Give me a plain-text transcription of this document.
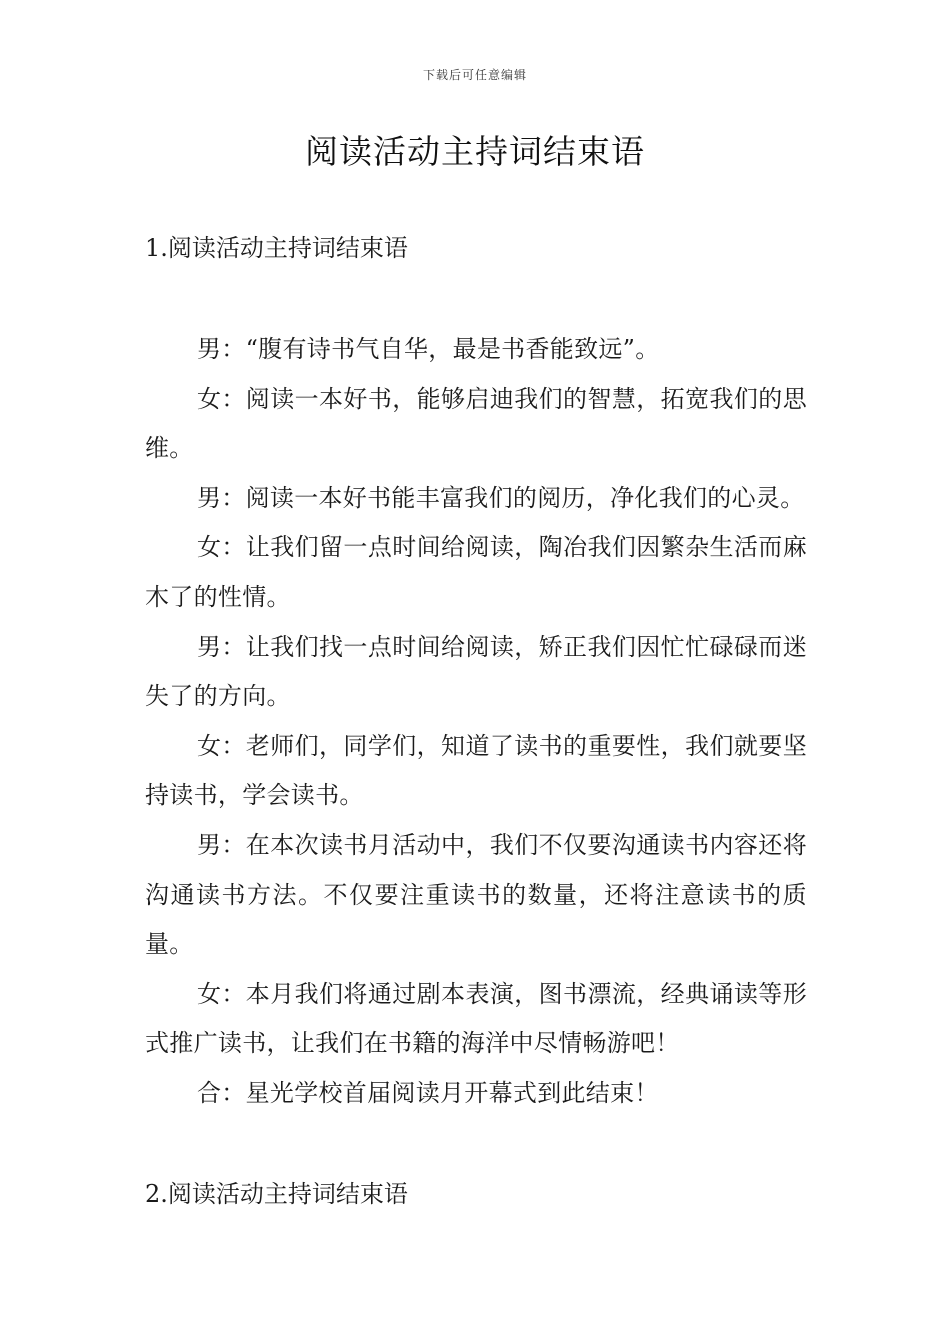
下载后可任意编辑
阅读活动主持词结束语

1.阅读活动主持词结束语

男：“腹有诗书气自华，最是书香能致远”。

女：阅读一本好书，能够启迪我们的智慧，拓宽我们的思维。

男：阅读一本好书能丰富我们的阅历，净化我们的心灵。

女：让我们留一点时间给阅读，陶冶我们因繁杂生活而麻木了的性情。

男：让我们找一点时间给阅读，矫正我们因忙忙碌碌而迷失了的方向。

女：老师们，同学们，知道了读书的重要性，我们就要坚持读书，学会读书。

男：在本次读书月活动中，我们不仅要沟通读书内容还将沟通读书方法。不仅要注重读书的数量，还将注意读书的质量。

女：本月我们将通过剧本表演，图书漂流，经典诵读等形式推广读书，让我们在书籍的海洋中尽情畅游吧！

合：星光学校首届阅读月开幕式到此结束！

2.阅读活动主持词结束语
